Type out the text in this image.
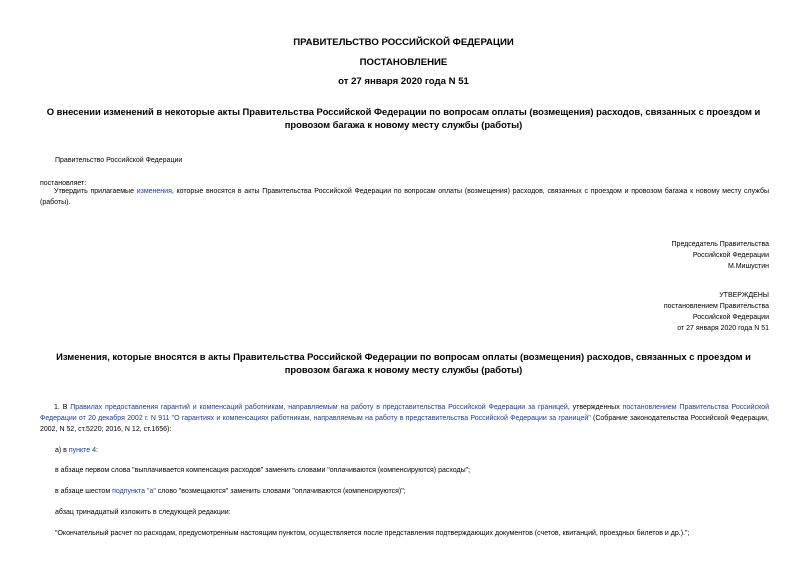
ПРАВИТЕЛЬСТВО РОССИЙСКОЙ ФЕДЕРАЦИИ
ПОСТАНОВЛЕНИЕ
от 27 января 2020 года N 51
О внесении изменений в некоторые акты Правительства Российской Федерации по вопросам оплаты (возмещения) расходов, связанных с проездом и провозом багажа к новому месту службы (работы)
Правительство Российской Федерации
постановляет:
Утвердить прилагаемые изменения, которые вносятся в акты Правительства Российской Федерации по вопросам оплаты (возмещения) расходов, связанных с проездом и провозом багажа к новому месту службы (работы).
Председатель Правительства
Российской Федерации
М.Мишустин
УТВЕРЖДЕНЫ
постановлением Правительства
Российской Федерации
от 27 января 2020 года N 51
Изменения, которые вносятся в акты Правительства Российской Федерации по вопросам оплаты (возмещения) расходов, связанных с проездом и провозом багажа к новому месту службы (работы)
1. В Правилах предоставления гарантий и компенсаций работникам, направляемым на работу в представительства Российской Федерации за границей, утвержденных постановлением Правительства Российской Федерации от 20 декабря 2002 г. N 911 "О гарантиях и компенсациях работникам, направляемым на работу в представительства Российской Федерации за границей" (Собрание законодательства Российской Федерации, 2002, N 52, ст.5220; 2016, N 12, ст.1656):
а) в пункте 4:
в абзаце первом слова "выплачивается компенсация расходов" заменить словами "оплачиваются (компенсируются) расходы";
в абзаце шестом подпункта "а" слово "возмещаются" заменить словами "оплачиваются (компенсируются)";
абзац тринадцатый изложить в следующей редакции:
"Окончательный расчет по расходам, предусмотренным настоящим пунктом, осуществляется после представления подтверждающих документов (счетов, квитанций, проездных билетов и др.).";
